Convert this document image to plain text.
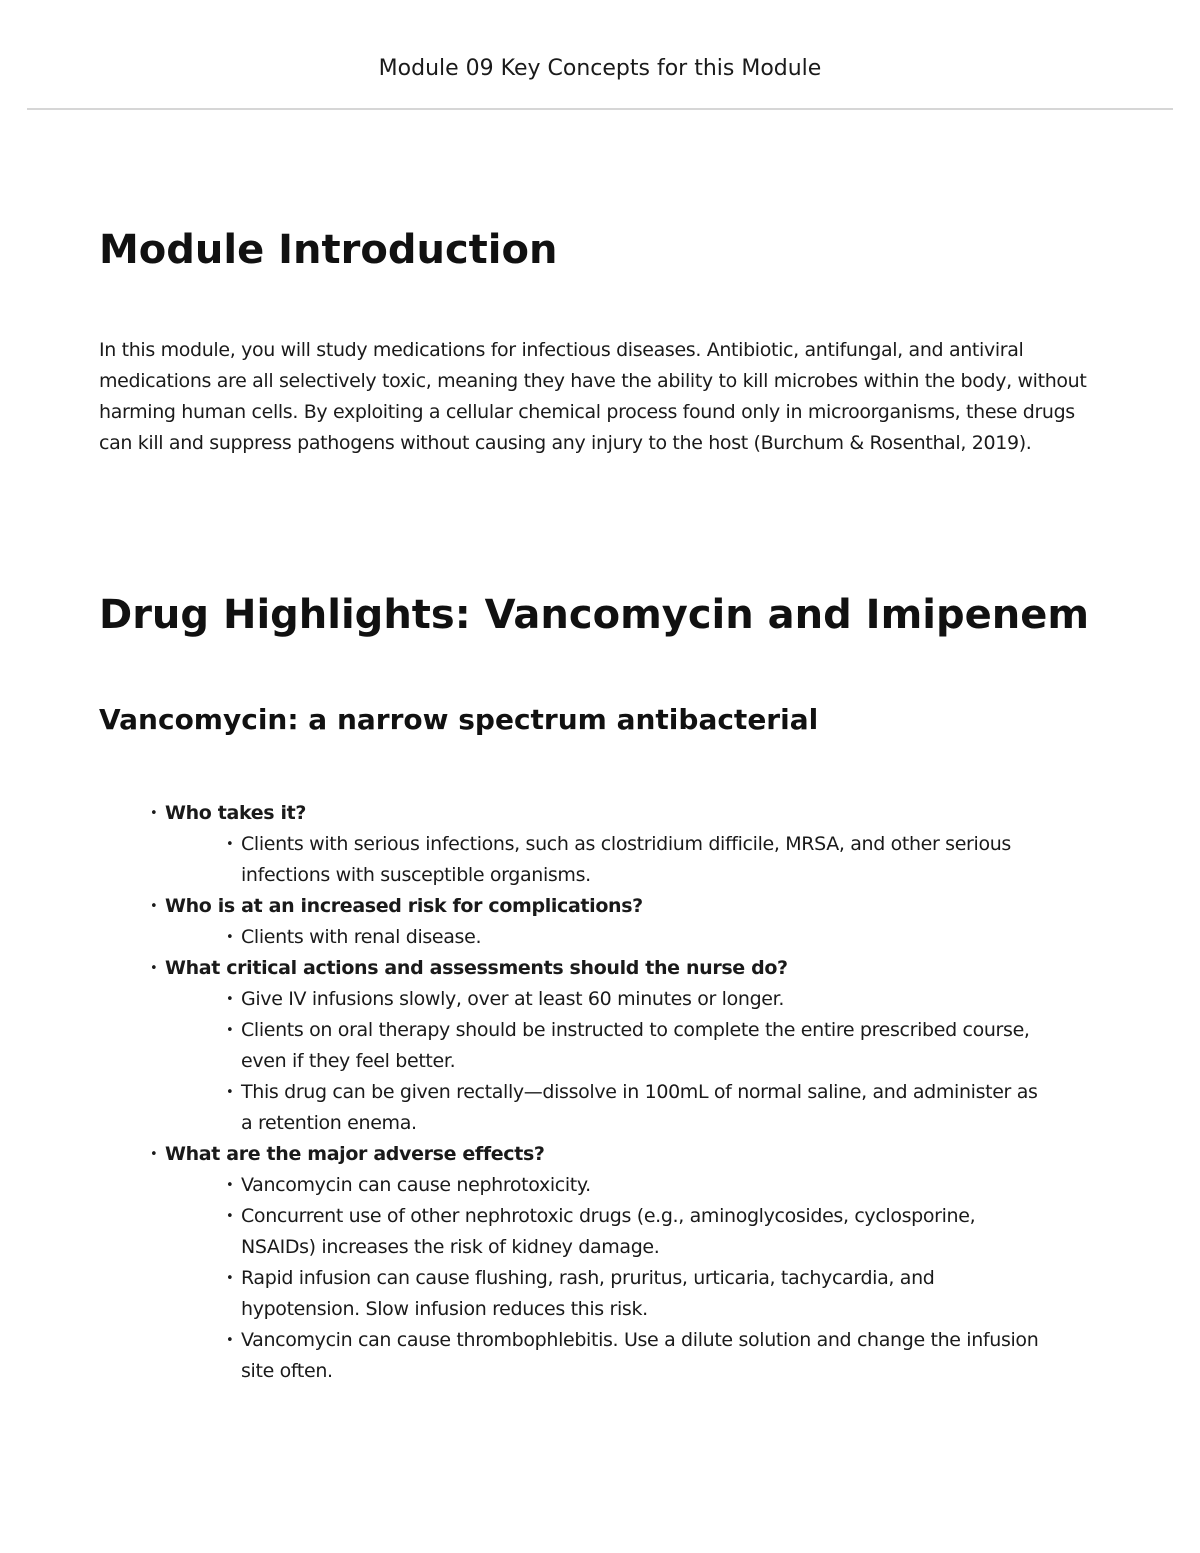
Module 09 Key Concepts for this Module
Module Introduction

In this module, you will study medications for infectious diseases. Antibiotic, antifungal, and antiviral medications are all selectively toxic, meaning they have the ability to kill microbes within the body, without harming human cells. By exploiting a cellular chemical process found only in microorganisms, these drugs can kill and suppress pathogens without causing any injury to the host (Burchum & Rosenthal, 2019).

Drug Highlights: Vancomycin and Imipenem
Vancomycin: a narrow spectrum antibacterial
• Who takes it?
• Clients with serious infections, such as clostridium difficile, MRSA, and other serious infections with susceptible organisms.
• Who is at an increased risk for complications?
• Clients with renal disease.
• What critical actions and assessments should the nurse do?
• Give IV infusions slowly, over at least 60 minutes or longer.
• Clients on oral therapy should be instructed to complete the entire prescribed course, even if they feel better.
• This drug can be given rectally—dissolve in 100mL of normal saline, and administer as a retention enema.
• What are the major adverse effects?
• Vancomycin can cause nephrotoxicity.
• Concurrent use of other nephrotoxic drugs (e.g., aminoglycosides, cyclosporine, NSAIDs) increases the risk of kidney damage.
• Rapid infusion can cause flushing, rash, pruritus, urticaria, tachycardia, and hypotension. Slow infusion reduces this risk.
• Vancomycin can cause thrombophlebitis. Use a dilute solution and change the infusion site often.
